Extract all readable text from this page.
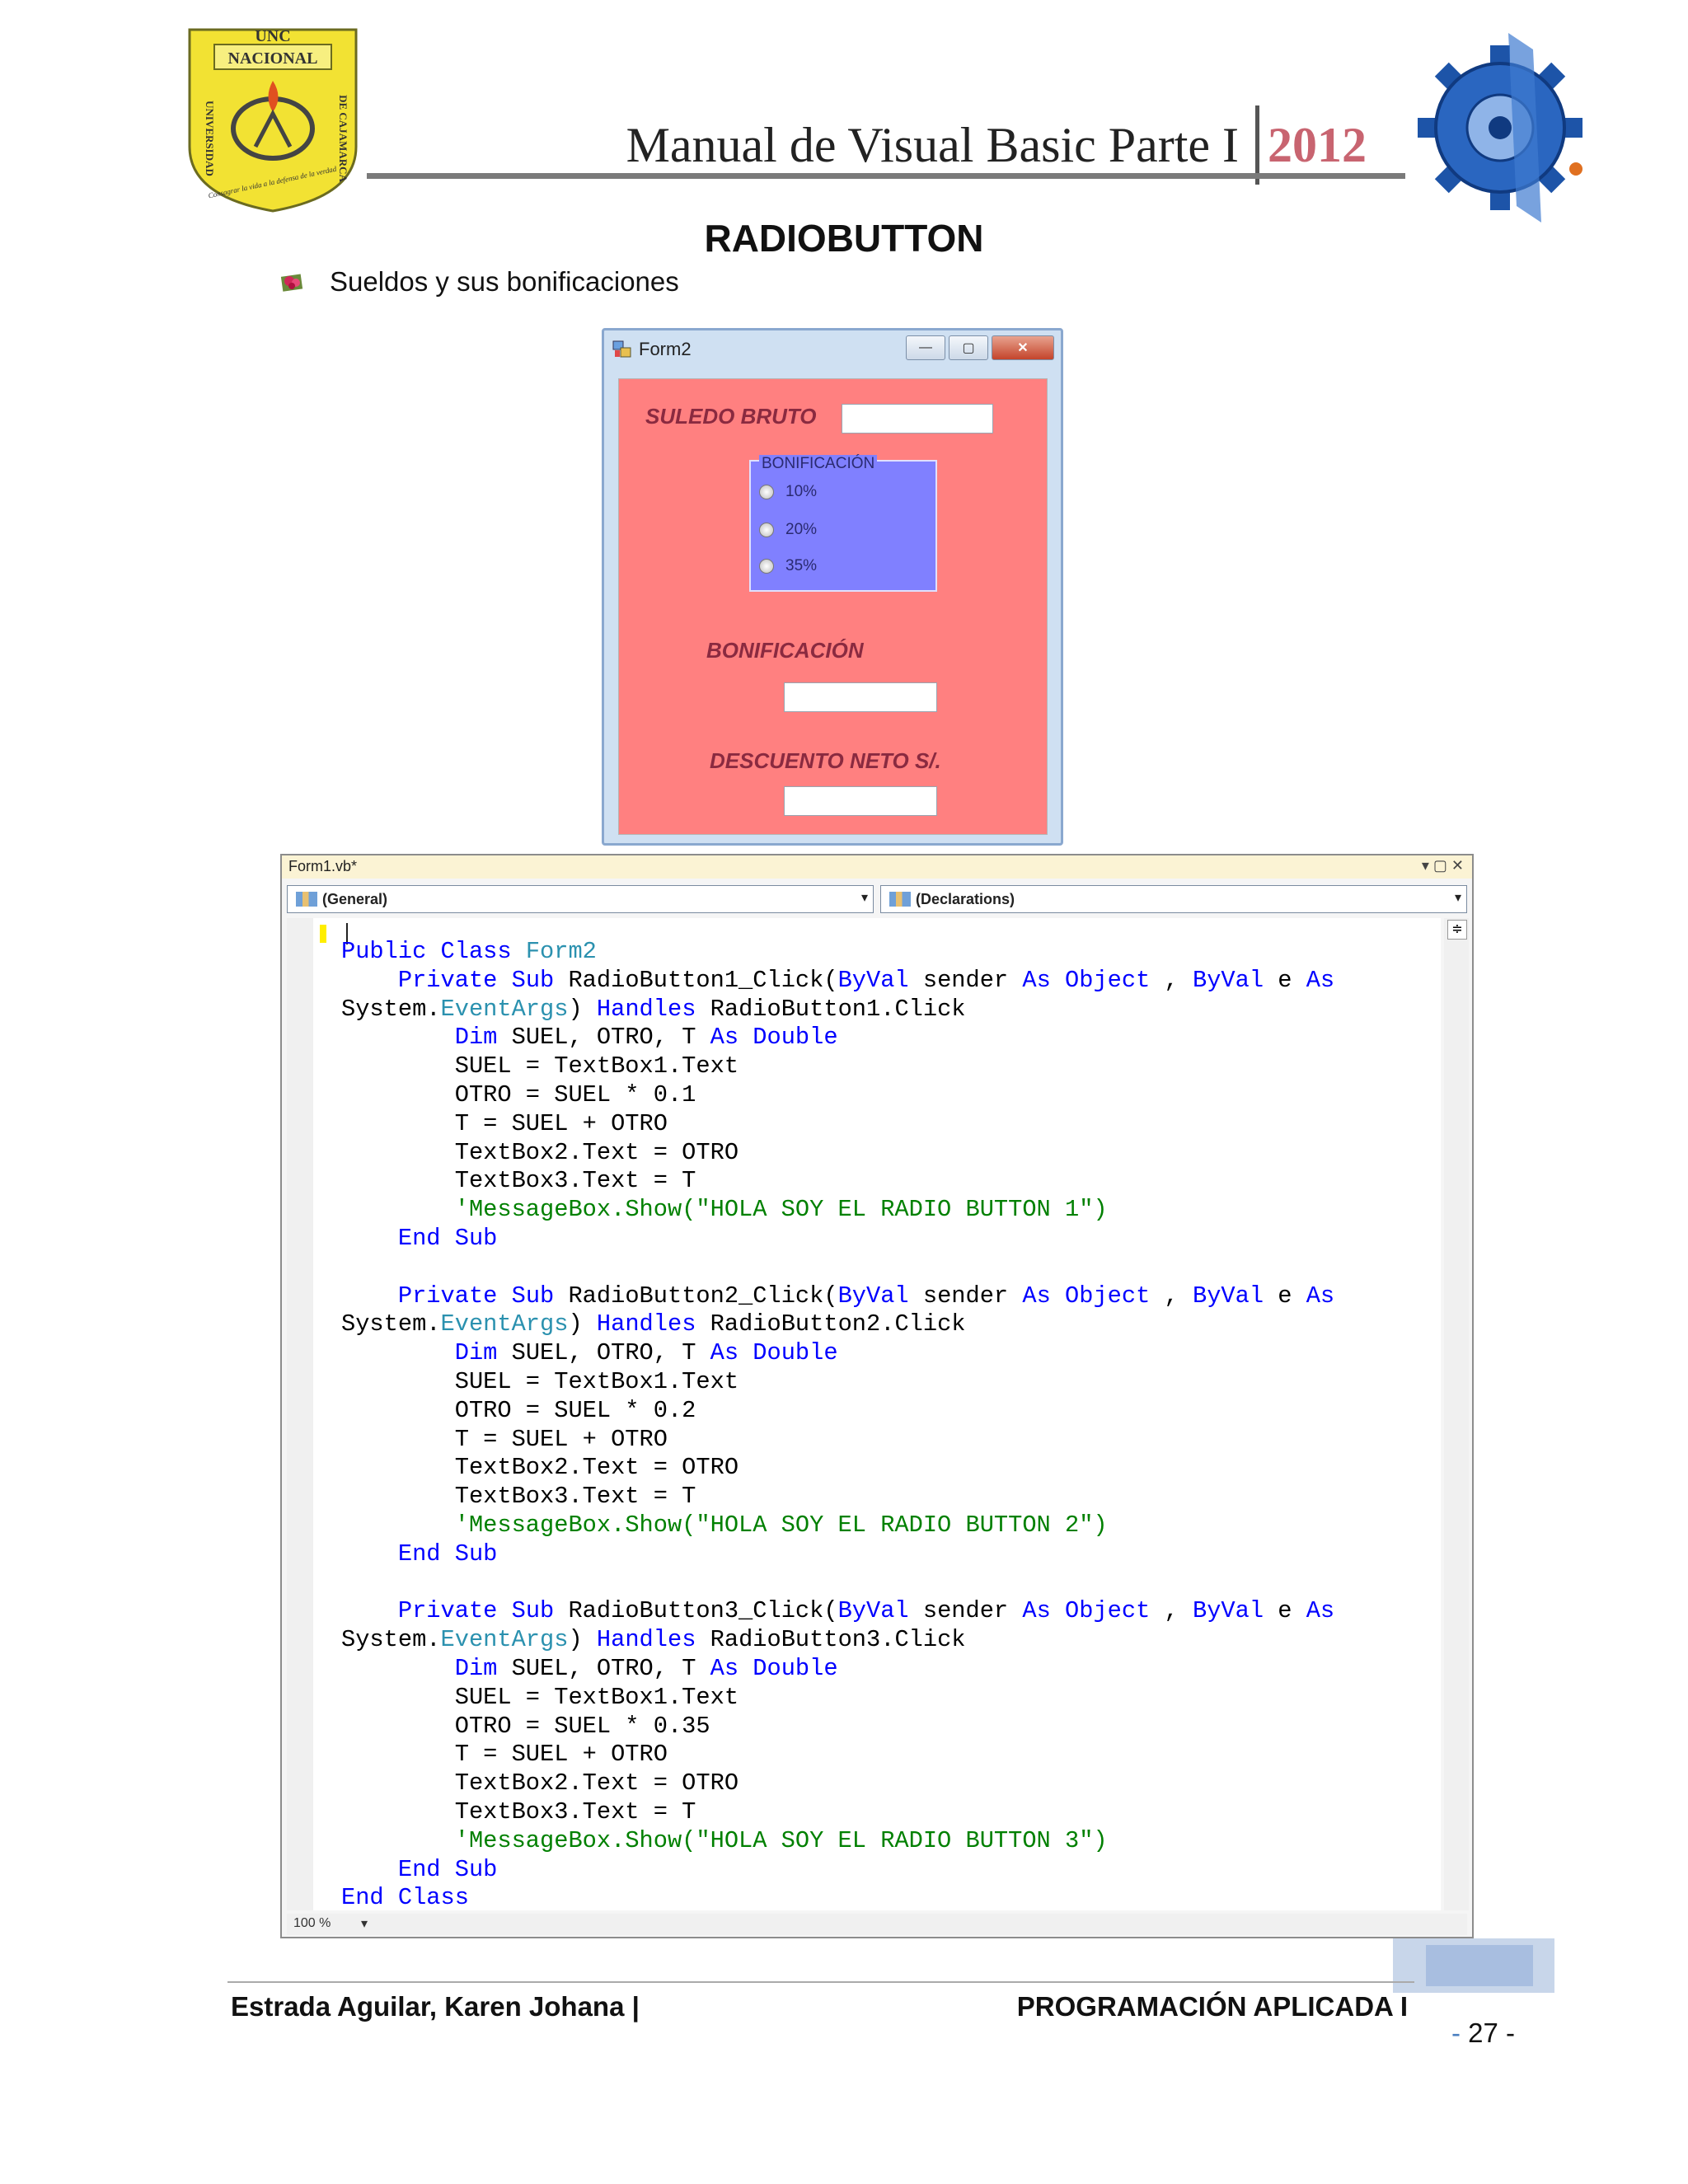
UNC
NACIONAL
UNIVERSIDAD	DE CAJAMARCA
Consagrar la vida a la defensa de la verdad
Manual de Visual Basic Parte I 2012
RADIOBUTTON
Sueldos y sus bonificaciones
Form2	—	▢	✕
SULEDO BRUTO
BONIFICACIÓN
10%
20%
35%
BONIFICACIÓN
DESCUENTO NETO S/.
Form1.vb*	▾ ▢ ✕
(General)
▾	(Declarations)
▾
Public Class Form2
Private Sub RadioButton1_Click(ByVal sender As Object , ByVal e As
System.EventArgs) Handles RadioButton1.Click
Dim SUEL, OTRO, T As Double
SUEL = TextBox1.Text
OTRO = SUEL * 0.1
T = SUEL + OTRO
TextBox2.Text = OTRO
TextBox3.Text = T
'MessageBox.Show("HOLA SOY EL RADIO BUTTON 1")
End Sub
Private Sub RadioButton2_Click(ByVal sender As Object , ByVal e As
System.EventArgs) Handles RadioButton2.Click
Dim SUEL, OTRO, T As Double
SUEL = TextBox1.Text
OTRO = SUEL * 0.2
T = SUEL + OTRO
TextBox2.Text = OTRO
TextBox3.Text = T
'MessageBox.Show("HOLA SOY EL RADIO BUTTON 2")
End Sub
Private Sub RadioButton3_Click(ByVal sender As Object , ByVal e As
System.EventArgs) Handles RadioButton3.Click
Dim SUEL, OTRO, T As Double
SUEL = TextBox1.Text
OTRO = SUEL * 0.35
T = SUEL + OTRO
TextBox2.Text = OTRO
TextBox3.Text = T
'MessageBox.Show("HOLA SOY EL RADIO BUTTON 3")
End Sub
End Class
≑
100 % ▾
Estrada Aguilar, Karen Johana |	PROGRAMACIÓN APLICADA I
- 27 -
